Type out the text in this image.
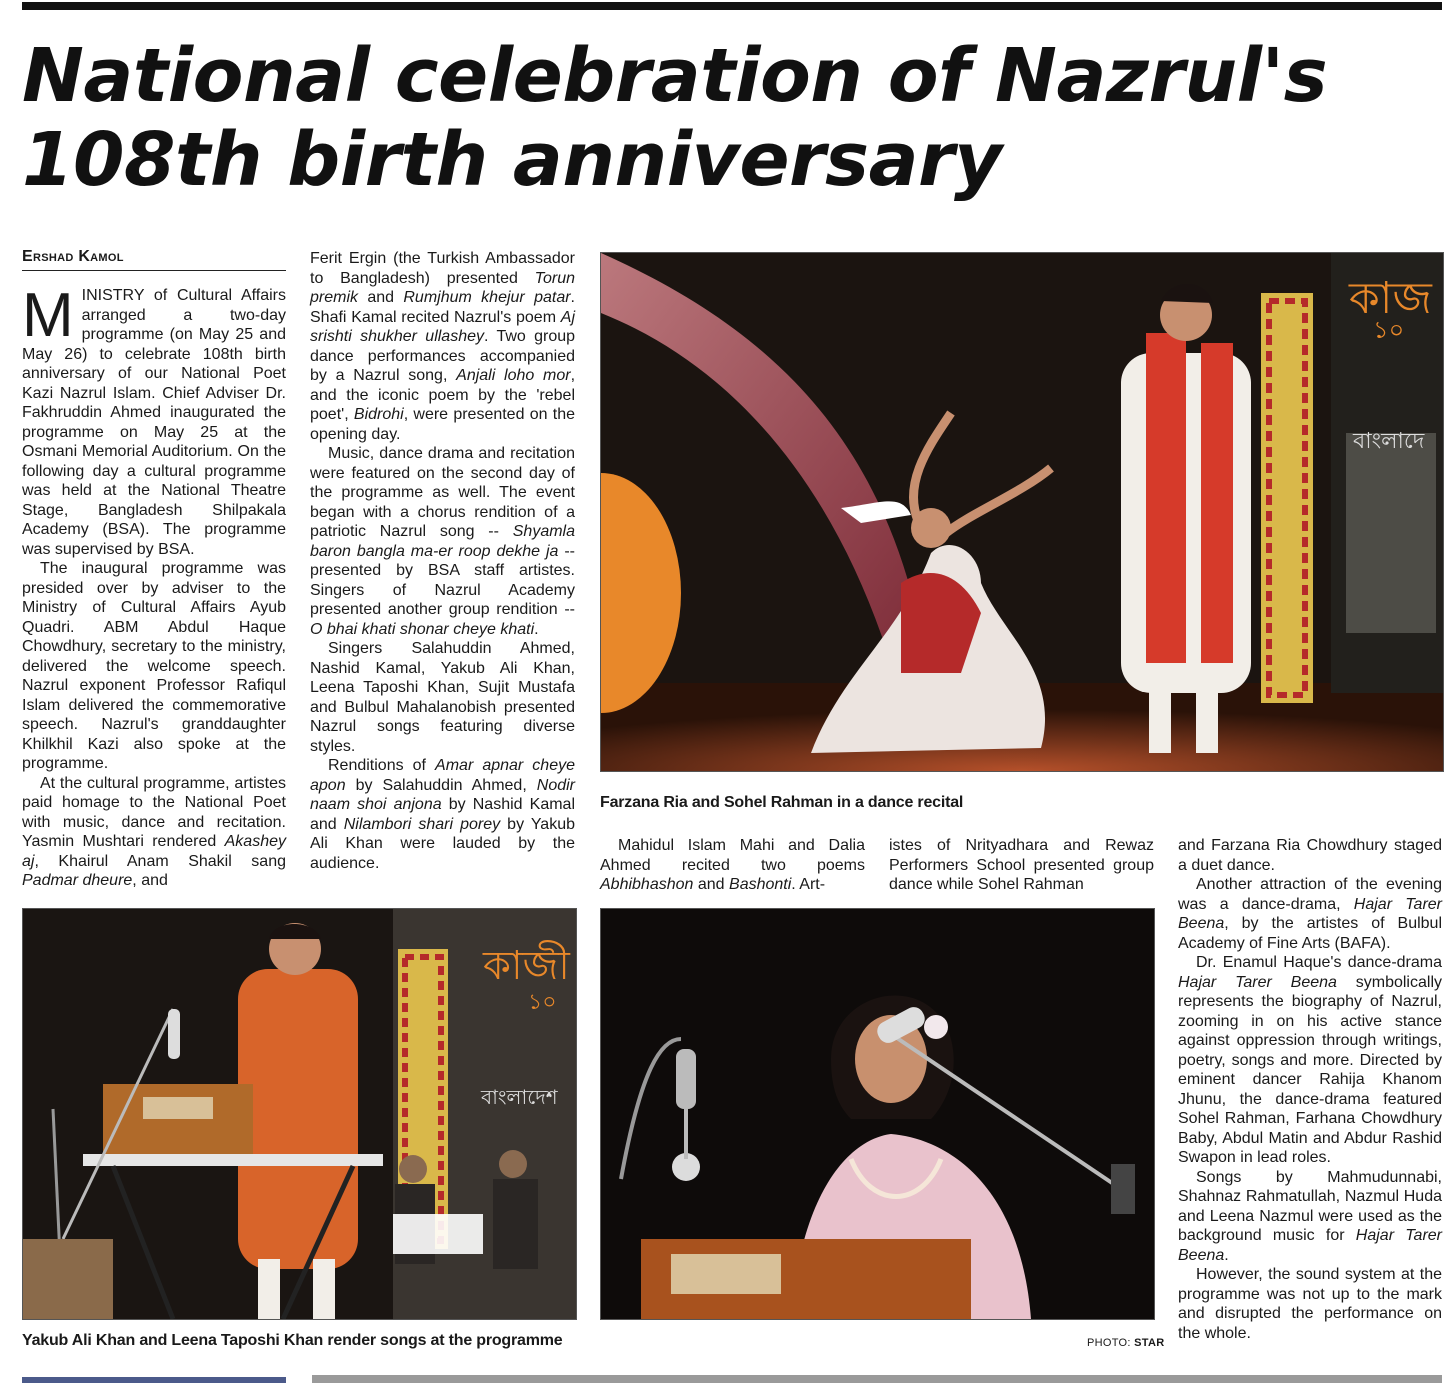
National celebration of Nazrul's 108th birth anniversary
Ershad Kamol

MINISTRY of Cultural Affairs arranged a two-day programme (on May 25 and May 26) to celebrate 108th birth anniversary of our National Poet Kazi Nazrul Islam. Chief Adviser Dr. Fakhruddin Ahmed inaugurated the programme on May 25 at the Osmani Memorial Auditorium. On the following day a cultural programme was held at the National Theatre Stage, Bangladesh Shilpakala Academy (BSA). The programme was supervised by BSA.

The inaugural programme was presided over by adviser to the Ministry of Cultural Affairs Ayub Quadri. ABM Abdul Haque Chowdhury, secretary to the ministry, delivered the welcome speech. Nazrul exponent Professor Rafiqul Islam delivered the commemorative speech. Nazrul's granddaughter Khilkhil Kazi also spoke at the programme.

At the cultural programme, artistes paid homage to the National Poet with music, dance and recitation. Yasmin Mushtari rendered Akashey aj, Khairul Anam Shakil sang Padmar dheure, and

Ferit Ergin (the Turkish Ambassador to Bangladesh) presented Torun premik and Rumjhum khejur patar. Shafi Kamal recited Nazrul's poem Aj srishti shukher ullashey. Two group dance performances accompanied by a Nazrul song, Anjali loho mor, and the iconic poem by the 'rebel poet', Bidrohi, were presented on the opening day.

Music, dance drama and recitation were featured on the second day of the programme as well. The event began with a chorus rendition of a patriotic Nazrul song -- Shyamla baron bangla ma-er roop dekhe ja -- presented by BSA staff artistes. Singers of Nazrul Academy presented another group rendition -- O bhai khati shonar cheye khati.

Singers Salahuddin Ahmed, Nashid Kamal, Yakub Ali Khan, Leena Taposhi Khan, Sujit Mustafa and Bulbul Mahalanobish presented Nazrul songs featuring diverse styles.

Renditions of Amar apnar cheye apon by Salahuddin Ahmed, Nodir naam shoi anjona by Nashid Kamal and Nilambori shari porey by Yakub Ali Khan were lauded by the audience.

কাজ
১০
বাংলাদে
Farzana Ria and Sohel Rahman in a dance recital

Mahidul Islam Mahi and Dalia Ahmed recited two poems Abhibhashon and Bashonti. Art-

istes of Nrityadhara and Rewaz Performers School presented group dance while Sohel Rahman

and Farzana Ria Chowdhury staged a duet dance.

Another attraction of the evening was a dance-drama, Hajar Tarer Beena, by the artistes of Bulbul Academy of Fine Arts (BAFA).

Dr. Enamul Haque's dance-drama Hajar Tarer Beena symbolically represents the biography of Nazrul, zooming in on his active stance against oppression through writings, poetry, songs and more. Directed by eminent dancer Rahija Khanom Jhunu, the dance-drama featured Sohel Rahman, Farhana Chowdhury Baby, Abdul Matin and Abdur Rashid Swapon in lead roles.

Songs by Mahmudunnabi, Shahnaz Rahmatullah, Nazmul Huda and Leena Nazmul were used as the background music for Hajar Tarer Beena.

However, the sound system at the programme was not up to the mark and disrupted the performance on the whole.

কাজী
১০
বাংলাদেশ
Yakub Ali Khan and Leena Taposhi Khan render songs at the programme	PHOTO: STAR
